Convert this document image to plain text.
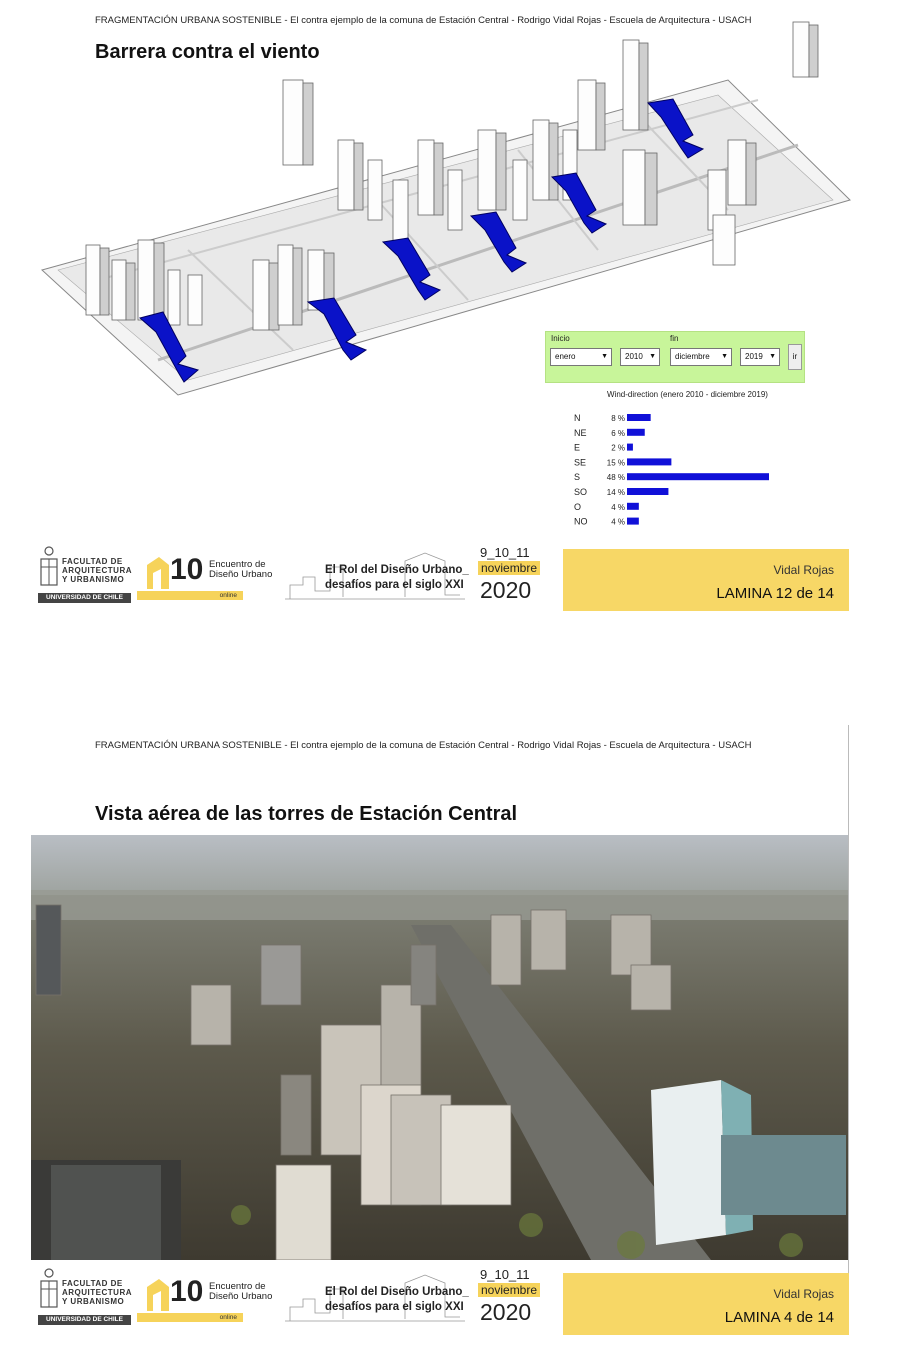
FRAGMENTACIÓN URBANA SOSTENIBLE - El contra ejemplo de la comuna de Estación Central - Rodrigo Vidal Rojas - Escuela de Arquitectura - USACH
Barrera contra el viento
Inicio	fin
enero	▼	2010 ▼	diciembre ▼	2019 ▼	ir
Wind-direction (enero 2010 - diciembre 2019)
N	8 %
NE	6 %
E	2 %
SE	15 %
S	48 %
SO 14 %
O	4 %
NO	4 %
FACULTAD DE
ARQUITECTURA
Y URBANISMO
UNIVERSIDAD DE CHILE
10 Encuentro de
Diseño Urbano
online
El Rol del Diseño Urbano_
desafíos para el siglo XXI
9_10_11
noviembre
2020
Vidal Rojas
LAMINA 12 de 14
FRAGMENTACIÓN URBANA SOSTENIBLE - El contra ejemplo de la comuna de Estación Central - Rodrigo Vidal Rojas - Escuela de Arquitectura - USACH
Vista aérea de las torres de Estación Central
FACULTAD DE
ARQUITECTURA
Y URBANISMO
UNIVERSIDAD DE CHILE
10 Encuentro de
Diseño Urbano
online
El Rol del Diseño Urbano_
desafíos para el siglo XXI
9_10_11
noviembre
2020
Vidal Rojas
LAMINA 4 de 14
